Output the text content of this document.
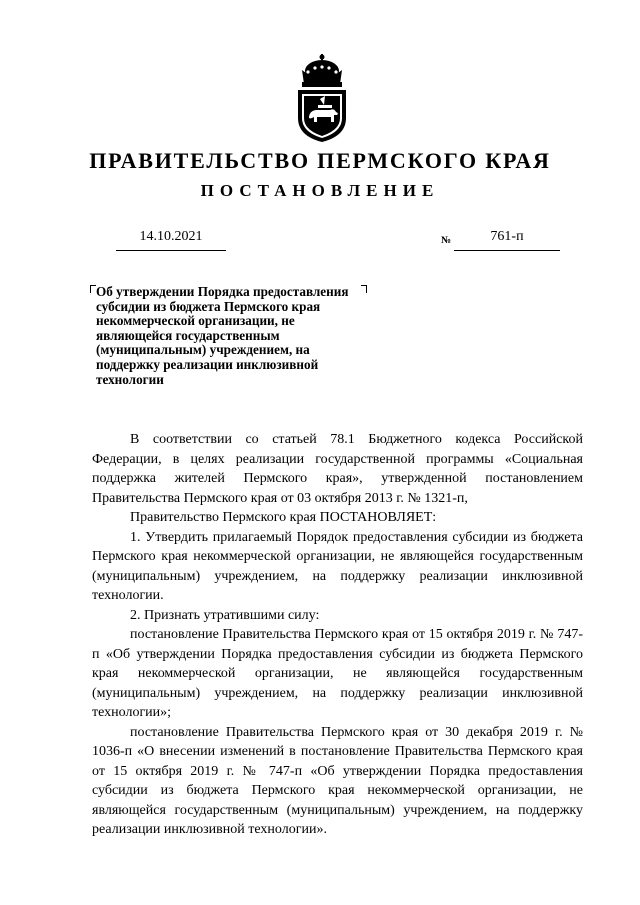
ПРАВИТЕЛЬСТВО ПЕРМСКОГО КРАЯ
ПОСТАНОВЛЕНИЕ
14.10.2021	№	761-п
Об утверждении Порядка предоставления субсидии из бюджета Пермского края некоммерческой организации, не являющейся государственным (муниципальным) учреждением, на поддержку реализации инклюзивной технологии

В соответствии со статьей 78.1 Бюджетного кодекса Российской Федерации, в целях реализации государственной программы «Социальная поддержка жителей Пермского края», утвержденной постановлением Правительства Пермского края от 03 октября 2013 г. № 1321-п,

Правительство Пермского края ПОСТАНОВЛЯЕТ:

1. Утвердить прилагаемый Порядок предоставления субсидии из бюджета Пермского края некоммерческой организации, не являющейся государственным (муниципальным) учреждением, на поддержку реализации инклюзивной технологии.

2. Признать утратившими силу:

постановление Правительства Пермского края от 15 октября 2019 г. № 747-п «Об утверждении Порядка предоставления субсидии из бюджета Пермского края некоммерческой организации, не являющейся государственным (муниципальным) учреждением, на поддержку реализации инклюзивной технологии»;

постановление Правительства Пермского края от 30 декабря 2019 г. № 1036-п «О внесении изменений в постановление Правительства Пермского края от 15 октября 2019 г. № 747-п «Об утверждении Порядка предоставления субсидии из бюджета Пермского края некоммерческой организации, не являющейся государственным (муниципальным) учреждением, на поддержку реализации инклюзивной технологии».
